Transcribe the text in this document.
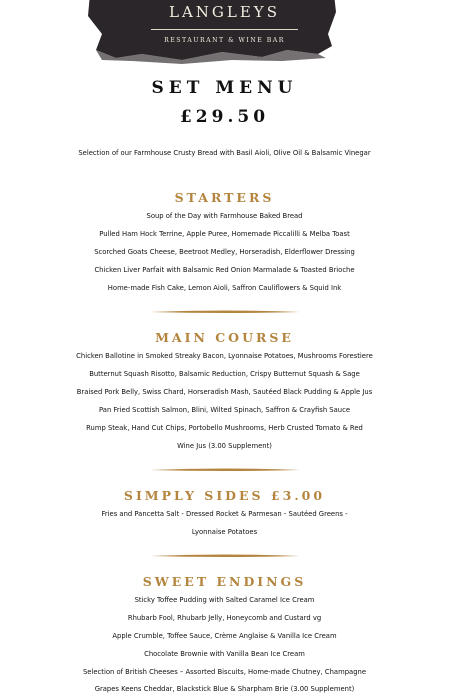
LANGLEYS
RESTAURANT & WINE BAR
SET MENU
£29.50
Selection of our Farmhouse Crusty Bread with Basil Aioli, Olive Oil & Balsamic Vinegar
STARTERS
Soup of the Day with Farmhouse Baked Bread
Pulled Ham Hock Terrine, Apple Puree, Homemade Piccalilli & Melba Toast
Scorched Goats Cheese, Beetroot Medley, Horseradish, Elderflower Dressing
Chicken Liver Parfait with Balsamic Red Onion Marmalade & Toasted Brioche
Home-made Fish Cake, Lemon Aioli, Saffron Cauliflowers & Squid Ink
MAIN COURSE
Chicken Ballotine in Smoked Streaky Bacon, Lyonnaise Potatoes, Mushrooms Forestiere
Butternut Squash Risotto, Balsamic Reduction, Crispy Butternut Squash & Sage
Braised Pork Belly, Swiss Chard, Horseradish Mash, Sautéed Black Pudding & Apple Jus
Pan Fried Scottish Salmon, Blini, Wilted Spinach, Saffron & Crayfish Sauce
Rump Steak, Hand Cut Chips, Portobello Mushrooms, Herb Crusted Tomato & Red
Wine Jus (3.00 Supplement)
SIMPLY SIDES £3.00
Fries and Pancetta Salt - Dressed Rocket & Parmesan - Sautéed Greens -
Lyonnaise Potatoes
SWEET ENDINGS
Sticky Toffee Pudding with Salted Caramel Ice Cream
Rhubarb Fool, Rhubarb Jelly, Honeycomb and Custard vg
Apple Crumble, Toffee Sauce, Crème Anglaise & Vanilla Ice Cream
Chocolate Brownie with Vanilla Bean Ice Cream
Selection of British Cheeses – Assorted Biscuits, Home-made Chutney, Champagne
Grapes Keens Cheddar, Blackstick Blue & Sharpham Brie (3.00 Supplement)
